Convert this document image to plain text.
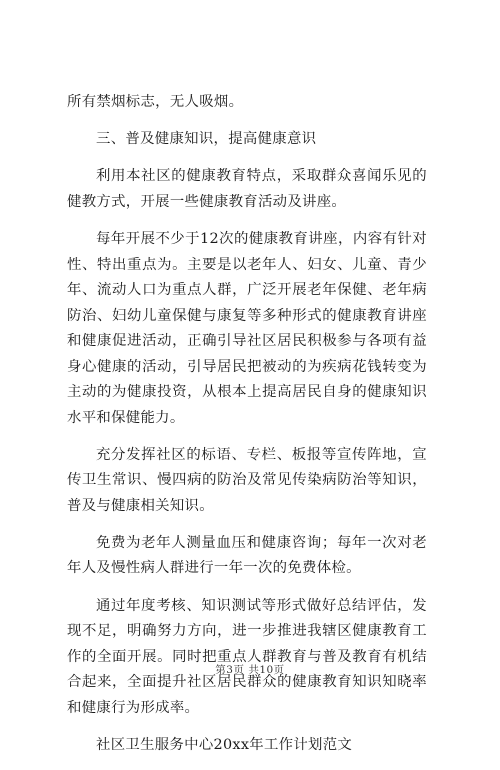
所有禁烟标志，无人吸烟。

三、普及健康知识，提高健康意识

利用本社区的健康教育特点，采取群众喜闻乐见的健教方式，开展一些健康教育活动及讲座。

每年开展不少于12次的健康教育讲座，内容有针对性、特出重点为。主要是以老年人、妇女、儿童、青少年、流动人口为重点人群，广泛开展老年保健、老年病防治、妇幼儿童保健与康复等多种形式的健康教育讲座和健康促进活动，正确引导社区居民积极参与各项有益身心健康的活动，引导居民把被动的为疾病花钱转变为主动的为健康投资，从根本上提高居民自身的健康知识水平和保健能力。

充分发挥社区的标语、专栏、板报等宣传阵地，宣传卫生常识、慢四病的防治及常见传染病防治等知识，普及与健康相关知识。

免费为老年人测量血压和健康咨询；每年一次对老年人及慢性病人群进行一年一次的免费体检。

通过年度考核、知识测试等形式做好总结评估，发现不足，明确努力方向，进一步推进我辖区健康教育工作的全面开展。同时把重点人群教育与普及教育有机结合起来，全面提升社区居民群众的健康教育知识知晓率和健康行为形成率。

社区卫生服务中心20xx年工作计划范文

第3页 共10页
